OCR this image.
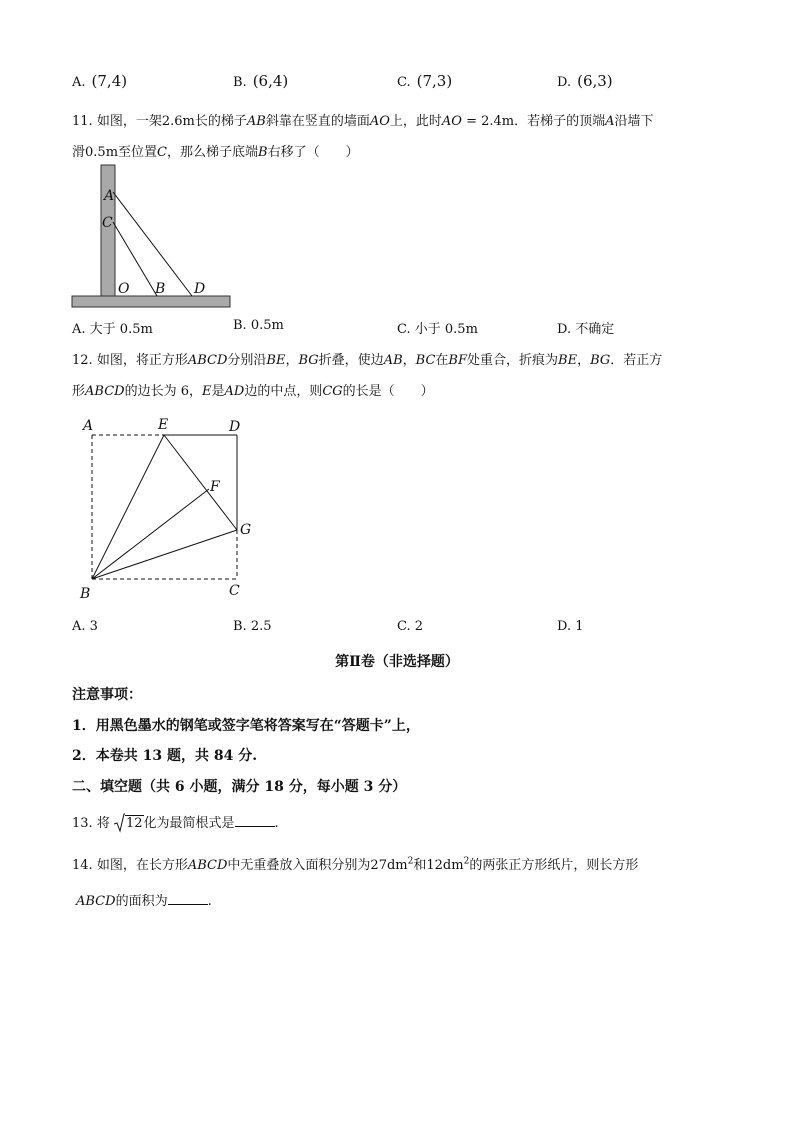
A. (7,4)	B. (6,4)	C. (7,3)	D. (6,3)
11. 如图，一架2.6m长的梯子AB斜靠在竖直的墙面AO上，此时AO = 2.4m．若梯子的顶端A沿墙下
滑0.5m至位置C，那么梯子底端B右移了（　　）
A
C
O B D
A. 大于 0.5m	B. 0.5m	C. 小于 0.5m	D. 不确定
12. 如图，将正方形ABCD分别沿BE，BG折叠，使边AB，BC在BF处重合，折痕为BE，BG．若正方
形ABCD的边长为 6，E是AD边的中点，则CG的长是（　　）
A	E	D
F
G
B	C
A. 3	B. 2.5	C. 2	D. 1
第Ⅱ卷（非选择题）
注意事项：
1．用黑色墨水的钢笔或签字笔将答案写在“答题卡”上，
2．本卷共 13 题，共 84 分.
二、填空题（共 6 小题，满分 18 分，每小题 3 分）
13. 将 12化为最简根式是	.
14. 如图，在长方形ABCD中无重叠放入面积分别为$27dm^2$和$12dm^2$的两张正方形纸片，则长方形
ABCD的面积为	.
